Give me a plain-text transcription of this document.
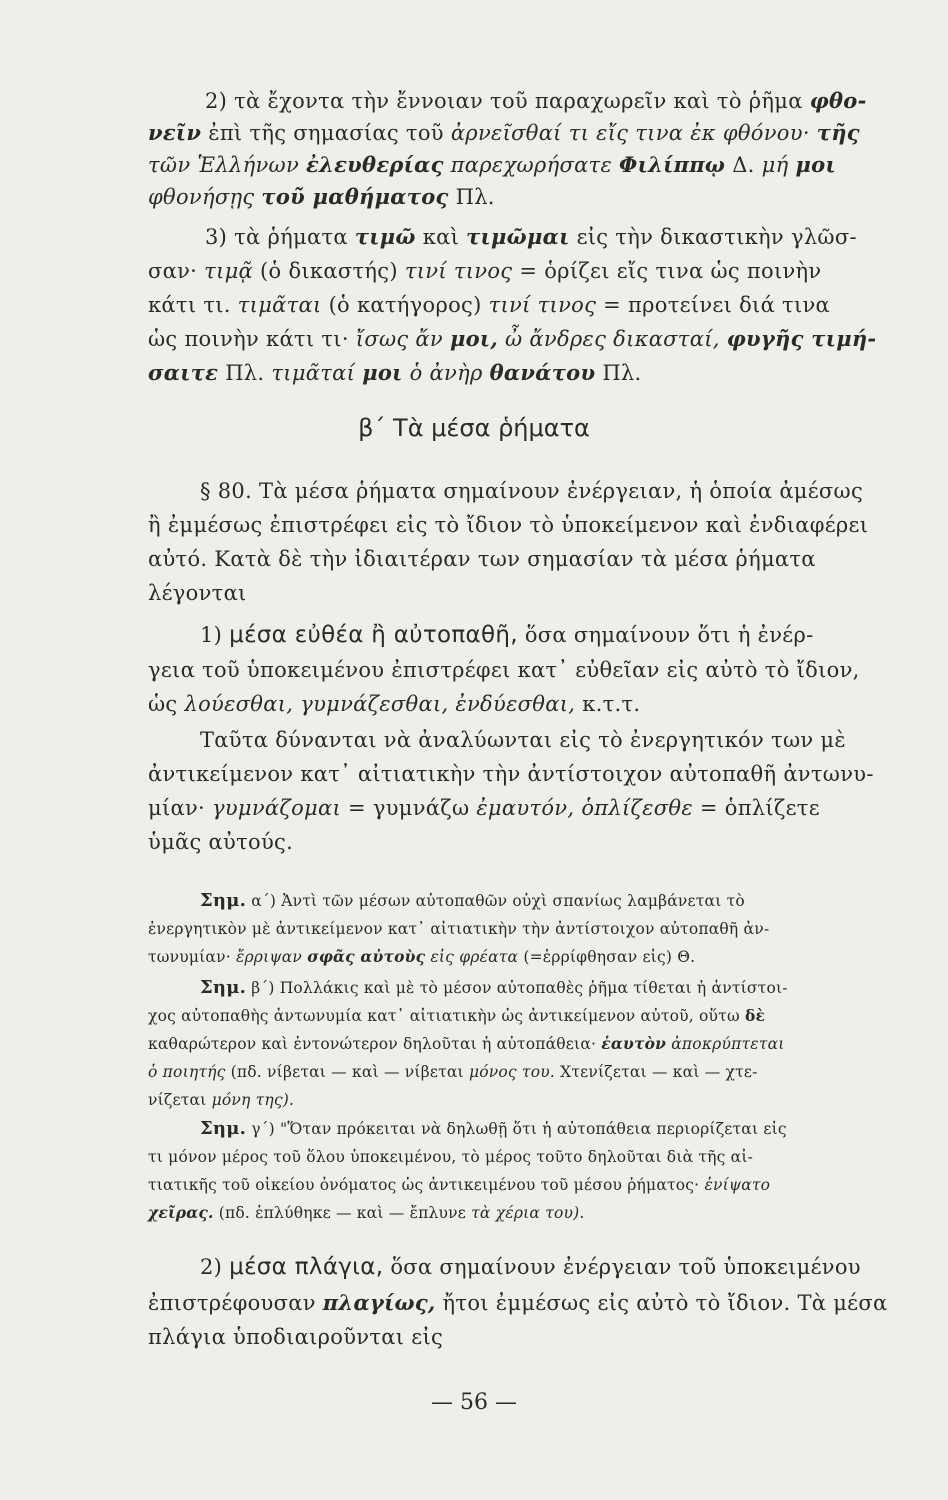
2) τὰ ἔχοντα τὴν ἔννοιαν τοῦ παραχωρεῖν καὶ τὸ ῥῆμα φθο-
νεῖν ἐπὶ τῆς σημασίας τοῦ ἀρνεῖσθαί τι εἴς τινα ἐκ φθόνου· τῆς
τῶν Ἑλλήνων ἐλευθερίας παρεχωρήσατε Φιλίππῳ Δ. μή μοι
φθονήσῃς τοῦ μαθήματος Πλ.
3) τὰ ῥήματα τιμῶ καὶ τιμῶμαι εἰς τὴν δικαστικὴν γλῶσ-
σαν· τιμᾷ (ὁ δικαστής) τινί τινος = ὁρίζει εἴς τινα ὡς ποινὴν
κάτι τι. τιμᾶται (ὁ κατήγορος) τινί τινος = προτείνει διά τινα
ὡς ποινὴν κάτι τι· ἴσως ἄν μοι, ὦ ἄνδρες δικασταί, φυγῆς τιμή-
σαιτε Πλ. τιμᾶταί μοι ὁ ἀνὴρ θανάτου Πλ.
β΄ Τὰ μέσα ῥήματα
§ 80. Τὰ μέσα ῥήματα σημαίνουν ἐνέργειαν, ἡ ὁποία ἀμέσως
ἢ ἐμμέσως ἐπιστρέφει εἰς τὸ ἴδιον τὸ ὑποκείμενον καὶ ἐνδιαφέρει
αὐτό. Κατὰ δὲ τὴν ἰδιαιτέραν των σημασίαν τὰ μέσα ῥήματα
λέγονται
1) μέσα εὐθέα ἢ αὐτοπαθῆ, ὅσα σημαίνουν ὅτι ἡ ἐνέρ-
γεια τοῦ ὑποκειμένου ἐπιστρέφει κατ᾿ εὐθεῖαν εἰς αὐτὸ τὸ ἴδιον,
ὡς λούεσθαι, γυμνάζεσθαι, ἐνδύεσθαι, κ.τ.τ.
Ταῦτα δύνανται νὰ ἀναλύωνται εἰς τὸ ἐνεργητικόν των μὲ
ἀντικείμενον κατ᾿ αἰτιατικὴν τὴν ἀντίστοιχον αὐτοπαθῆ ἀντωνυ-
μίαν· γυμνάζομαι = γυμνάζω ἐμαυτόν, ὁπλίζεσθε = ὁπλίζετε
ὑμᾶς αὐτούς.
Σημ. α΄) Ἀντὶ τῶν μέσων αὐτοπαθῶν οὐχὶ σπανίως λαμβάνεται τὸ
ἐνεργητικὸν μὲ ἀντικείμενον κατ᾿ αἰτιατικὴν τὴν ἀντίστοιχον αὐτοπαθῆ ἀν-
τωνυμίαν· ἔρριψαν σφᾶς αὐτοὺς εἰς φρέατα (=ἐρρίφθησαν εἰς) Θ.
Σημ. β΄) Πολλάκις καὶ μὲ τὸ μέσον αὐτοπαθὲς ῥῆμα τίθεται ἡ ἀντίστοι-
χος αὐτοπαθὴς ἀντωνυμία κατ᾿ αἰτιατικὴν ὡς ἀντικείμενον αὐτοῦ, οὕτω δὲ
καθαρώτερον καὶ ἐντονώτερον δηλοῦται ἡ αὐτοπάθεια· ἑαυτὸν ἀποκρύπτεται
ὁ ποιητής (πδ. νίβεται — καὶ — νίβεται μόνος του. Χτενίζεται — καὶ — χτε-
νίζεται μόνη της).
Σημ. γ΄) "Ὅταν πρόκειται νὰ δηλωθῇ ὅτι ἡ αὐτοπάθεια περιορίζεται εἰς
τι μόνον μέρος τοῦ ὅλου ὑποκειμένου, τὸ μέρος τοῦτο δηλοῦται διὰ τῆς αἰ-
τιατικῆς τοῦ οἰκείου ὀνόματος ὡς ἀντικειμένου τοῦ μέσου ῥήματος· ἐνίψατο
χεῖρας. (πδ. ἐπλύθηκε — καὶ — ἔπλυνε τὰ χέρια του).
2) μέσα πλάγια, ὅσα σημαίνουν ἐνέργειαν τοῦ ὑποκειμένου
ἐπιστρέφουσαν πλαγίως, ἤτοι ἐμμέσως εἰς αὐτὸ τὸ ἴδιον. Τὰ μέσα
πλάγια ὑποδιαιροῦνται εἰς
— 56 —
